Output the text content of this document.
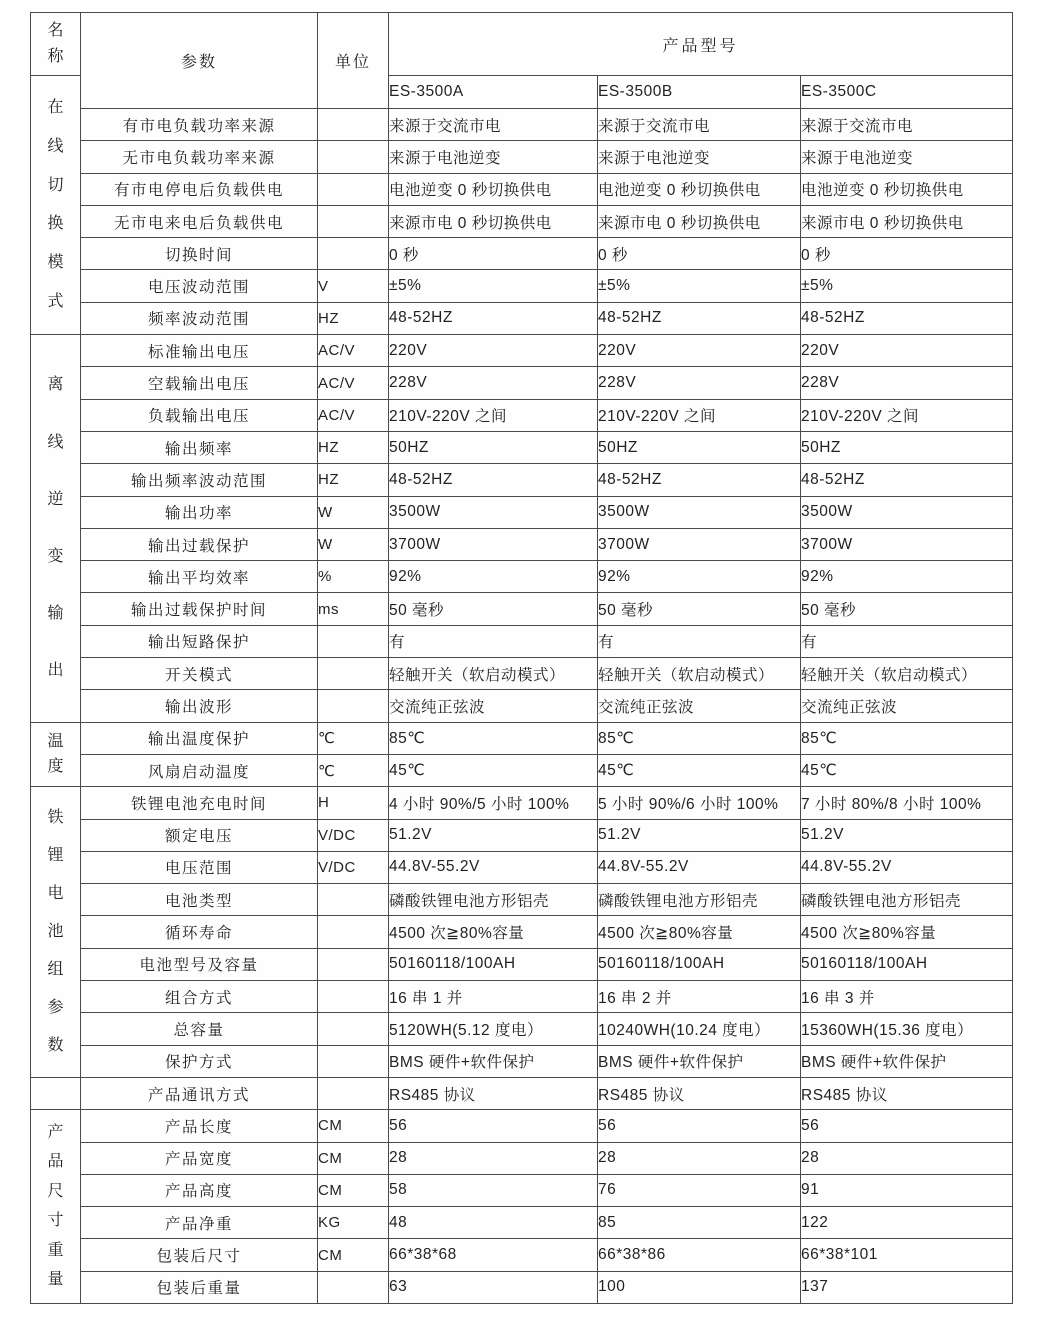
名
称	参数	单位	产品型号		

在
线
切
换
模
式
	ES-3500A	ES-3500B	ES-3500C
	有市电负载功率来源		来源于交流市电	来源于交流市电	来源于交流市电
	无市电负载功率来源		来源于电池逆变	来源于电池逆变	来源于电池逆变
	有市电停电后负载供电		电池逆变 0 秒切换供电	电池逆变 0 秒切换供电	电池逆变 0 秒切换供电
	无市电来电后负载供电		来源市电 0 秒切换供电	来源市电 0 秒切换供电	来源市电 0 秒切换供电
	切换时间		0 秒	0 秒	0 秒
	电压波动范围	V	±5%	±5%	±5%
	频率波动范围	HZ	48-52HZ	48-52HZ	48-52HZ

离
线
逆
变
输
出
	标准输出电压	AC/V	220V	220V	220V
	空载输出电压	AC/V	228V	228V	228V
	负载输出电压	AC/V	210V-220V 之间	210V-220V 之间	210V-220V 之间
	输出频率	HZ	50HZ	50HZ	50HZ
	输出频率波动范围	HZ	48-52HZ	48-52HZ	48-52HZ
	输出功率	W	3500W	3500W	3500W
	输出过载保护	W	3700W	3700W	3700W
	输出平均效率	%	92%	92%	92%
	输出过载保护时间	ms	50 毫秒	50 毫秒	50 毫秒
	输出短路保护		有	有	有
	开关模式		轻触开关（软启动模式）	轻触开关（软启动模式）	轻触开关（软启动模式）
	输出波形		交流纯正弦波	交流纯正弦波	交流纯正弦波

温
度	输出温度保护	℃	85℃	85℃	85℃
	风扇启动温度	℃	45℃	45℃	45℃

铁
锂
电
池
组
参
数
	铁锂电池充电时间	H	4 小时 90%/5 小时 100%	5 小时 90%/6 小时 100%	7 小时 80%/8 小时 100%
	额定电压	V/DC	51.2V	51.2V	51.2V
	电压范围	V/DC	44.8V-55.2V	44.8V-55.2V	44.8V-55.2V
	电池类型		磷酸铁锂电池方形铝壳	磷酸铁锂电池方形铝壳	磷酸铁锂电池方形铝壳
	循环寿命		4500 次≧80%容量	4500 次≧80%容量	4500 次≧80%容量
	电池型号及容量		50160118/100AH	50160118/100AH	50160118/100AH
	组合方式		16 串 1 并	16 串 2 并	16 串 3 并
	总容量		5120WH(5.12 度电）	10240WH(10.24 度电）	15360WH(15.36 度电）
	保护方式		BMS 硬件+软件保护	BMS 硬件+软件保护	BMS 硬件+软件保护

	产品通讯方式		RS485 协议	RS485 协议	RS485 协议

产
品
尺
寸
重
量
	产品长度	CM	56	56	56
	产品宽度	CM	28	28	28
	产品高度	CM	58	76	91
	产品净重	KG	48	85	122
	包装后尺寸	CM	66*38*68	66*38*86	66*38*101
	包装后重量		63	100	137
